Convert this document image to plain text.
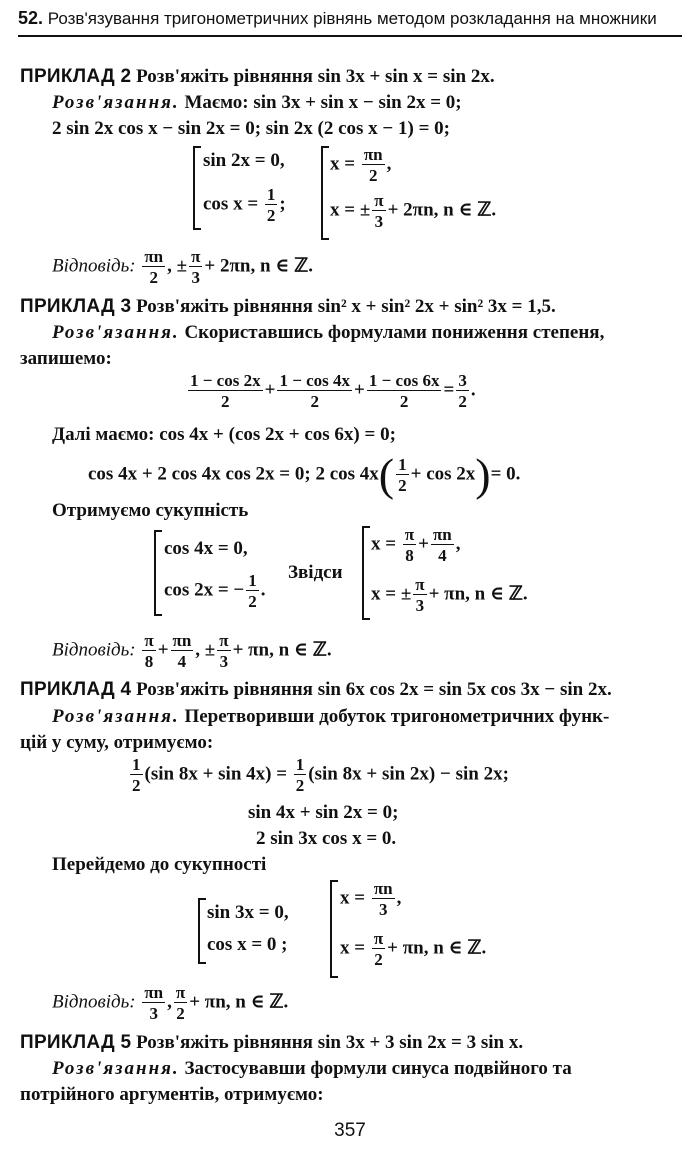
52. Розв'язування тригонометричних рівнянь методом розкладання на множники
ПРИКЛАД 2 Розв'яжіть рівняння sin 3x + sin x = sin 2x.
Розв'язання. Маємо: sin 3x + sin x − sin 2x = 0;
2 sin 2x cos x − sin 2x = 0; sin 2x (2 cos x − 1) = 0;
sin 2x = 0,
$\cos x = \frac{1}{2}$ ;
$x = \frac{\pi n}{2}$ ,
x = ± $\frac{\pi}{3} + 2\pi n$, n ∈ ℤ.
Відповідь: $\frac{\pi n}{2}$ , ± $\frac{\pi}{3} + 2\pi n$, n ∈ ℤ.
ПРИКЛАД 3 Розв'яжіть рівняння sin² x + sin² 2x + sin² 3x = 1,5.
Розв'язання. Скориставшись формулами пониження степеня,
запишемо:
$\frac{1 - \cos 2x}{2} + \frac{1 - \cos 4x}{2} + \frac{1 - \cos 6x}{2} = \frac{3}{2}$ .
Далі маємо: cos 4x + (cos 2x + cos 6x) = 0;
cos 4x + 2 cos 4x cos 2x = 0; 2 $\cos 4x( \frac{1}{2} + \cos 2x)= 0$.
Отримуємо сукупність
cos 4x = 0,
cos 2x = − $\frac{1}{2}$ .
Звідси
$x = \frac{\pi}{8} + \frac{\pi n}{4}$ ,
x = ± $\frac{\pi}{3} + \pi n$, n ∈ ℤ.
Відповідь: $\frac{\pi}{8} + \frac{\pi n}{4}$ , ± $\frac{\pi}{3} + \pi n$, n ∈ ℤ.
ПРИКЛАД 4 Розв'яжіть рівняння sin 6x cos 2x = sin 5x cos 3x − sin 2x.
Розв'язання. Перетворивши добуток тригонометричних функ-
цій у суму, отримуємо:
$\frac{1}{2} (\sin$ $8x + \sin 4x) = \frac{1}{2} (\sin$ 8x + sin 2x) − sin 2x;
sin 4x + sin 2x = 0;
2 sin 3x cos x = 0.
Перейдемо до сукупності
sin 3x = 0,
cos x = 0 ;
$x = \frac{\pi n}{3}$ ,
$x = \frac{\pi}{2} + \pi n$, n ∈ ℤ.
Відповідь: $\frac{\pi n}{3}$ , $\frac{\pi}{2} + \pi n$, n ∈ ℤ.
ПРИКЛАД 5 Розв'яжіть рівняння sin 3x + 3 sin 2x = 3 sin x.
Розв'язання. Застосувавши формули синуса подвійного та
потрійного аргументів, отримуємо:
357
